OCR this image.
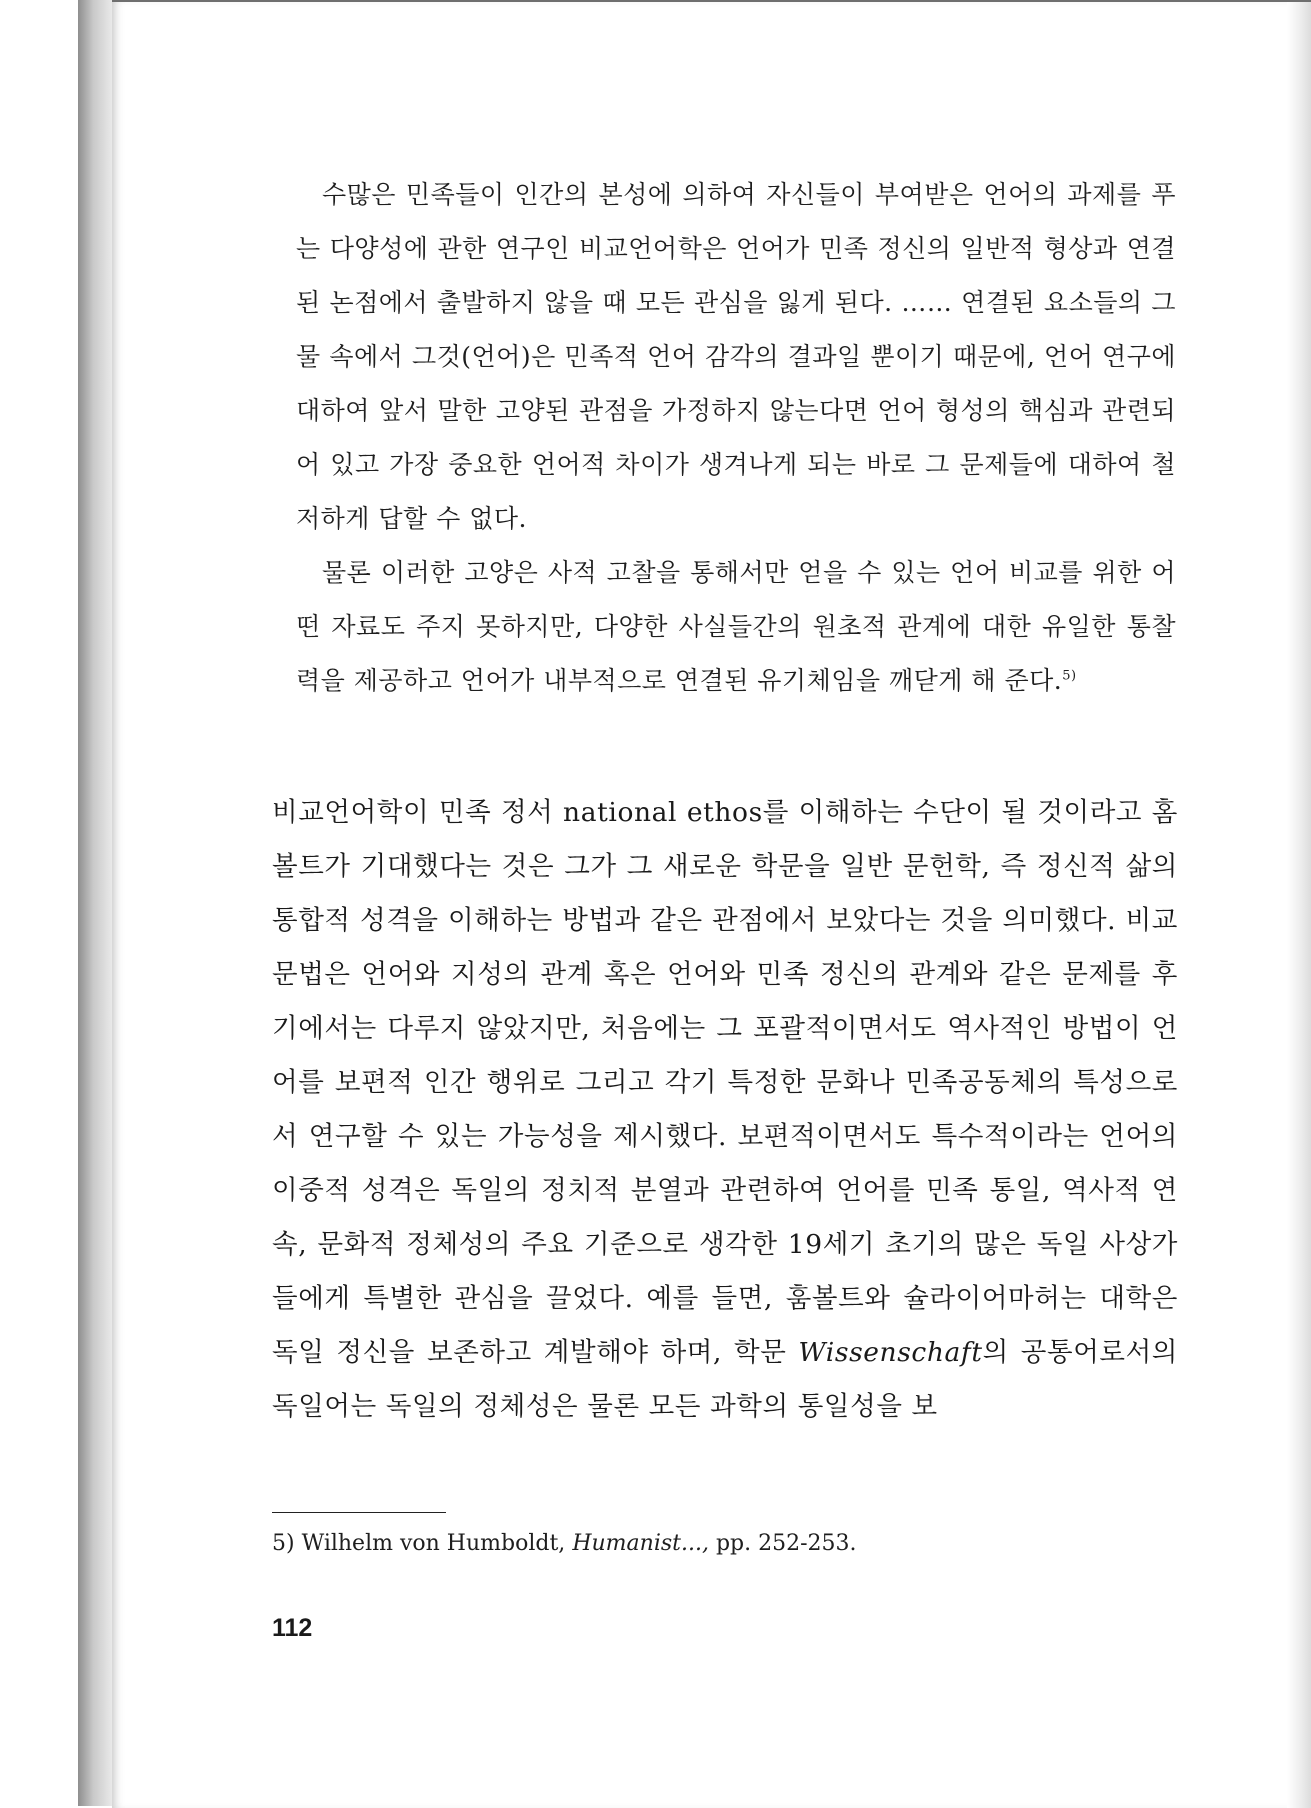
수많은 민족들이 인간의 본성에 의하여 자신들이 부여받은 언어의 과제를 푸는 다양성에 관한 연구인 비교언어학은 언어가 민족 정신의 일반적 형상과 연결된 논점에서 출발하지 않을 때 모든 관심을 잃게 된다. …… 연결된 요소들의 그물 속에서 그것(언어)은 민족적 언어 감각의 결과일 뿐이기 때문에, 언어 연구에 대하여 앞서 말한 고양된 관점을 가정하지 않는다면 언어 형성의 핵심과 관련되어 있고 가장 중요한 언어적 차이가 생겨나게 되는 바로 그 문제들에 대하여 철저하게 답할 수 없다.

물론 이러한 고양은 사적 고찰을 통해서만 얻을 수 있는 언어 비교를 위한 어떤 자료도 주지 못하지만, 다양한 사실들간의 원초적 관계에 대한 유일한 통찰력을 제공하고 언어가 내부적으로 연결된 유기체임을 깨닫게 해 준다.$^{5)}$

비교언어학이 민족 정서 national ethos를 이해하는 수단이 될 것이라고 홈볼트가 기대했다는 것은 그가 그 새로운 학문을 일반 문헌학, 즉 정신적 삶의 통합적 성격을 이해하는 방법과 같은 관점에서 보았다는 것을 의미했다. 비교문법은 언어와 지성의 관계 혹은 언어와 민족 정신의 관계와 같은 문제를 후기에서는 다루지 않았지만, 처음에는 그 포괄적이면서도 역사적인 방법이 언어를 보편적 인간 행위로 그리고 각기 특정한 문화나 민족공동체의 특성으로서 연구할 수 있는 가능성을 제시했다. 보편적이면서도 특수적이라는 언어의 이중적 성격은 독일의 정치적 분열과 관련하여 언어를 민족 통일, 역사적 연속, 문화적 정체성의 주요 기준으로 생각한 19세기 초기의 많은 독일 사상가들에게 특별한 관심을 끌었다. 예를 들면, 훔볼트와 슐라이어마허는 대학은 독일 정신을 보존하고 계발해야 하며, 학문 Wissenschaft의 공통어로서의 독일어는 독일의 정체성은 물론 모든 과학의 통일성을 보

5) Wilhelm von Humboldt, Humanist..., pp. 252-253.
112
